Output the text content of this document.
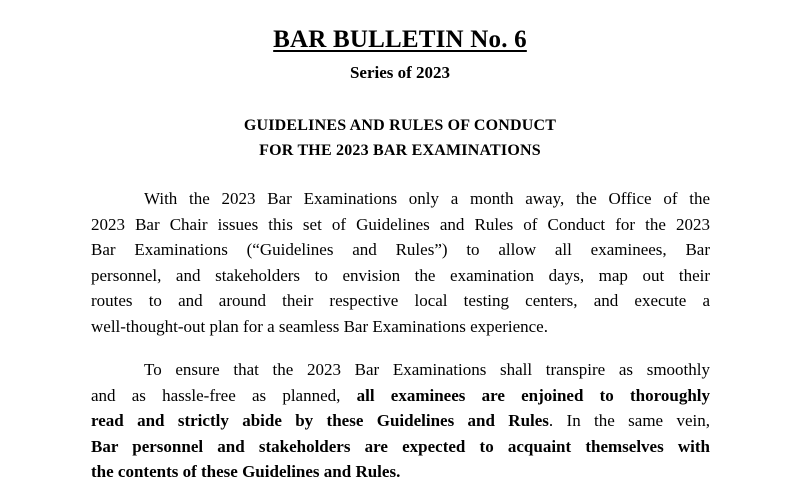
BAR BULLETIN No. 6
Series of 2023
GUIDELINES AND RULES OF CONDUCT
FOR THE 2023 BAR EXAMINATIONS
With the 2023 Bar Examinations only a month away, the Office of the
2023 Bar Chair issues this set of Guidelines and Rules of Conduct for the 2023
Bar Examinations (“Guidelines and Rules”) to allow all examinees, Bar
personnel, and stakeholders to envision the examination days, map out their
routes to and around their respective local testing centers, and execute a
well-thought-out plan for a seamless Bar Examinations experience.
To ensure that the 2023 Bar Examinations shall transpire as smoothly
and as hassle-free as planned, all examinees are enjoined to thoroughly
read and strictly abide by these Guidelines and Rules. In the same vein,
Bar personnel and stakeholders are expected to acquaint themselves with
the contents of these Guidelines and Rules.
